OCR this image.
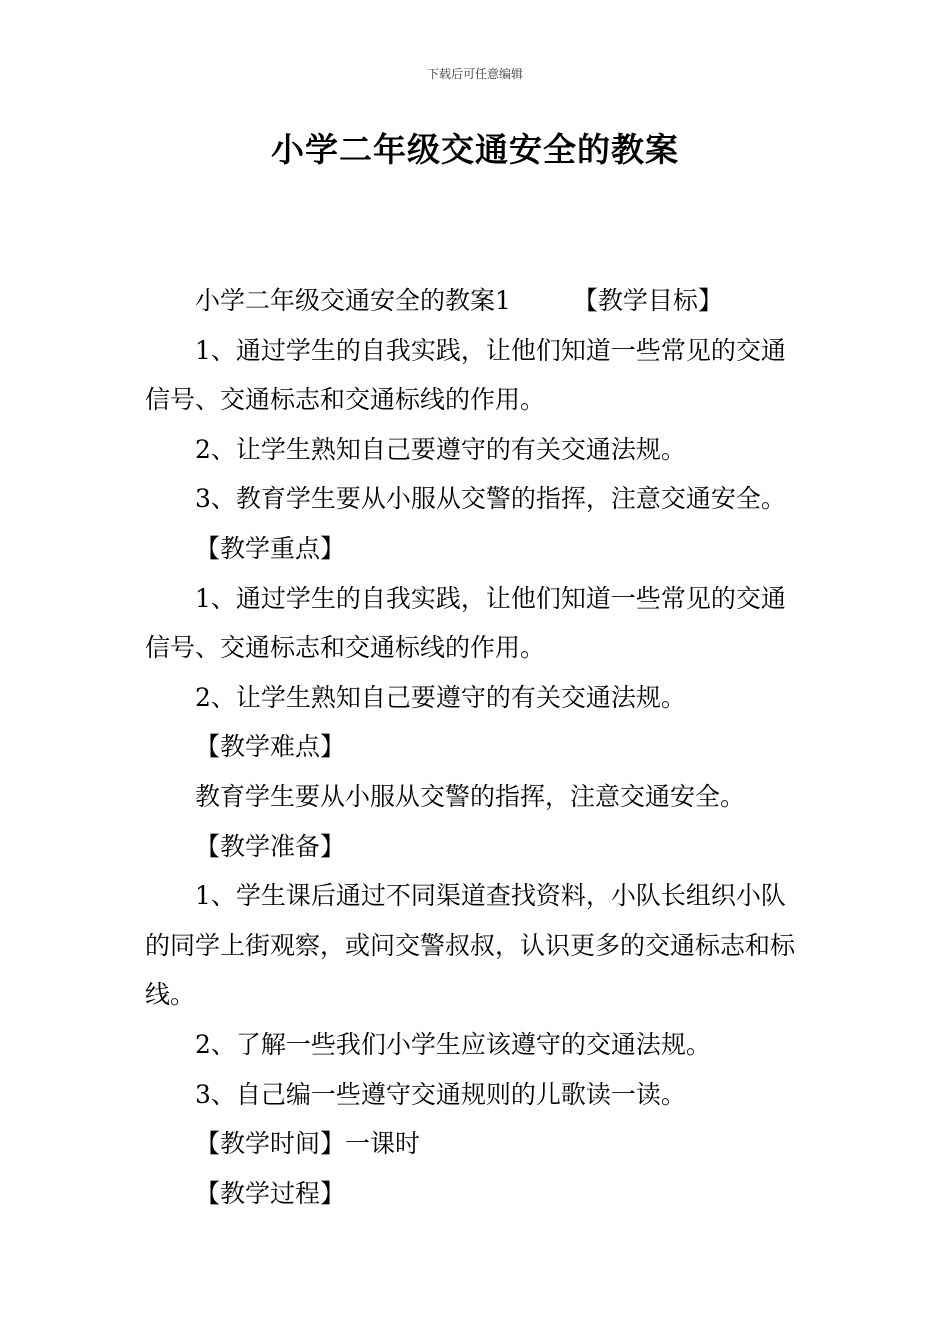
下载后可任意编辑
小学二年级交通安全的教案

小学二年级交通安全的教案1 【教学目标】

1、通过学生的自我实践，让他们知道一些常见的交通信号、交通标志和交通标线的作用。

2、让学生熟知自己要遵守的有关交通法规。

3、教育学生要从小服从交警的指挥，注意交通安全。

【教学重点】

1、通过学生的自我实践，让他们知道一些常见的交通信号、交通标志和交通标线的作用。

2、让学生熟知自己要遵守的有关交通法规。

【教学难点】

教育学生要从小服从交警的指挥，注意交通安全。

【教学准备】

1、学生课后通过不同渠道查找资料，小队长组织小队的同学上街观察，或问交警叔叔，认识更多的交通标志和标线。

2、了解一些我们小学生应该遵守的交通法规。

3、自己编一些遵守交通规则的儿歌读一读。

【教学时间】一课时

【教学过程】
